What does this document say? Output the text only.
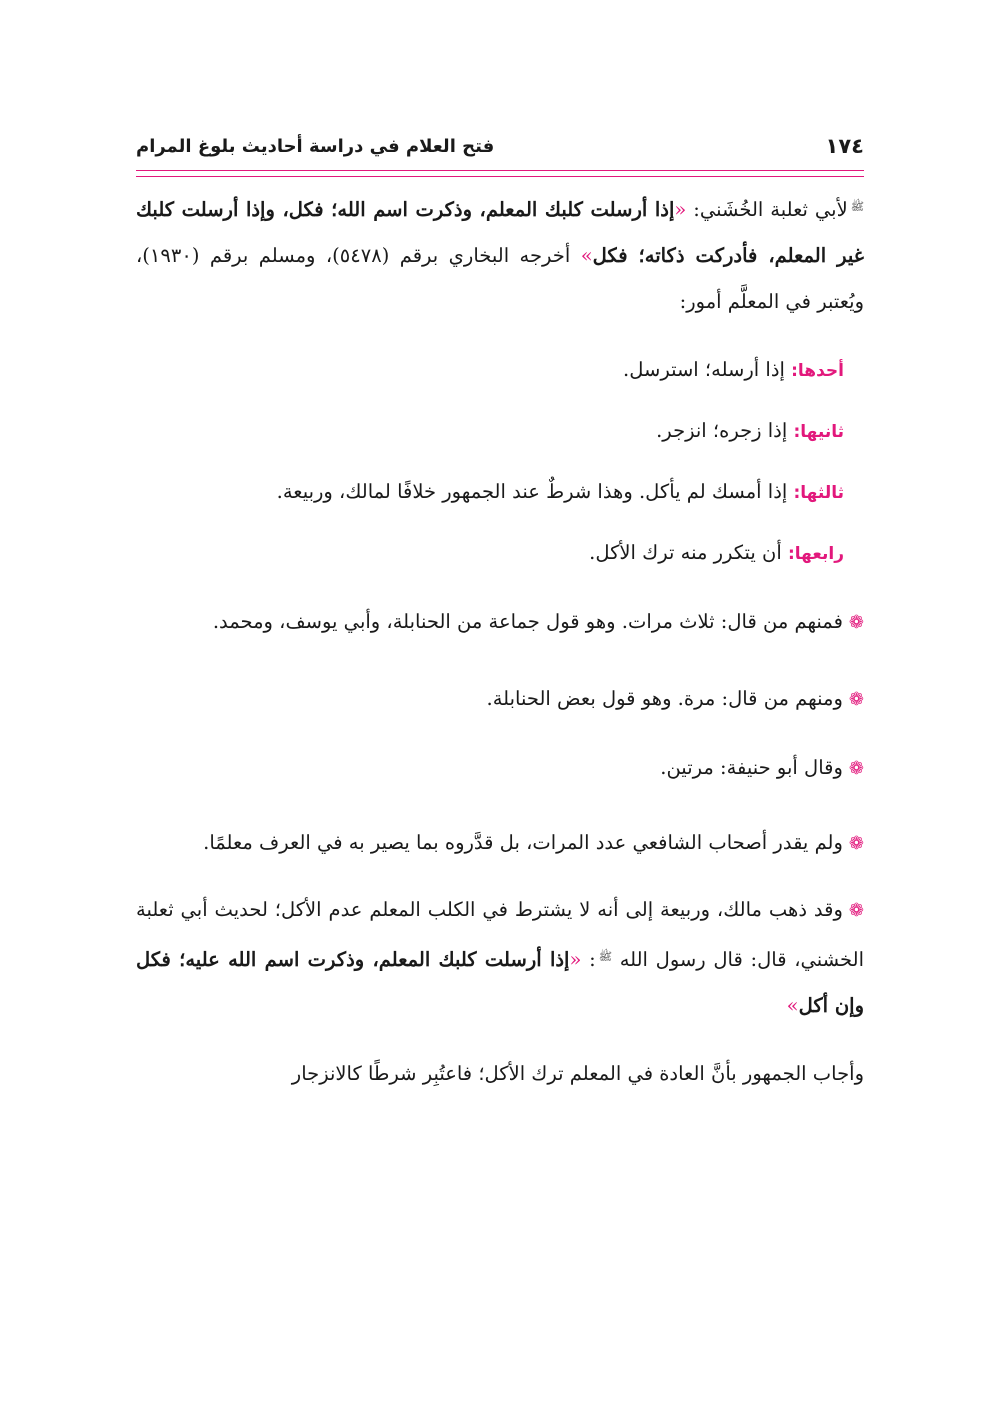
١٧٤
فتح العلام في دراسة أحاديث بلوغ المرام

$^ﷺ$لأبي ثعلبة الخُشَني: «إذا أرسلت كلبك المعلم، وذكرت اسم الله؛ فكل، وإذا أرسلت كلبك غير المعلم، فأدركت ذكاته؛ فكل» أخرجه البخاري برقم (٥٤٧٨)، ومسلم برقم (١٩٣٠)، ويُعتبر في المعلَّم أمور:

أحدها: إذا أرسله؛ استرسل.

ثانيها: إذا زجره؛ انزجر.

ثالثها: إذا أمسك لم يأكل. وهذا شرطٌ عند الجمهور خلافًا لمالك، وربيعة.

رابعها: أن يتكرر منه ترك الأكل.

❁فمنهم من قال: ثلاث مرات. وهو قول جماعة من الحنابلة، وأبي يوسف، ومحمد.

❁ومنهم من قال: مرة. وهو قول بعض الحنابلة.

❁وقال أبو حنيفة: مرتين.

❁ولم يقدر أصحاب الشافعي عدد المرات، بل قدَّروه بما يصير به في العرف معلمًا.

❁وقد ذهب مالك، وربيعة إلى أنه لا يشترط في الكلب المعلم عدم الأكل؛ لحديث أبي ثعلبة الخشني، قال: قال رسول الله $^ﷺ$: «إذا أرسلت كلبك المعلم، وذكرت اسم الله عليه؛ فكل وإن أكل»

وأجاب الجمهور بأنَّ العادة في المعلم ترك الأكل؛ فاعتُبِر شرطًا كالانزجار
